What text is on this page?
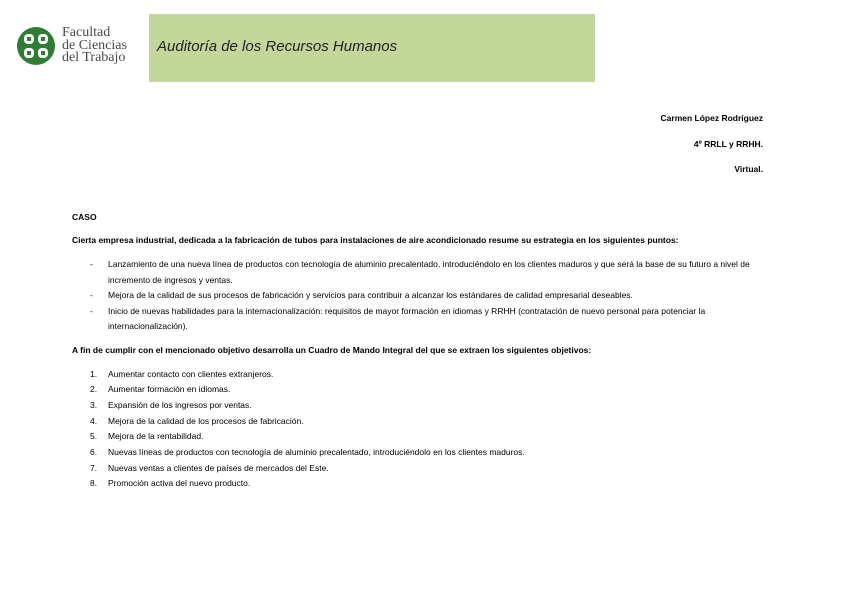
Facultad
de Ciencias
del Trabajo
Auditoría de los Recursos Humanos
Carmen López Rodríguez
4º RRLL y RRHH.
Virtual.

CASO

Cierta empresa industrial, dedicada a la fabricación de tubos para instalaciones de aire acondicionado resume su estrategia en los siguientes puntos:

- Lanzamiento de una nueva línea de productos con tecnología de aluminio precalentado, introduciéndolo en los clientes maduros y que será la base de su futuro a nivel de incremento de ingresos y ventas.
- Mejora de la calidad de sus procesos de fabricación y servicios para contribuir a alcanzar los estándares de calidad empresarial deseables.
- Inicio de nuevas habilidades para la internacionalización: requisitos de mayor formación en idiomas y RRHH (contratación de nuevo personal para potenciar la internacionalización).

A fin de cumplir con el mencionado objetivo desarrolla un Cuadro de Mando Integral del que se extraen los siguientes objetivos:

1. Aumentar contacto con clientes extranjeros.
2. Aumentar formación en idiomas.
3. Expansión de los ingresos por ventas.
4. Mejora de la calidad de los procesos de fabricación.
5. Mejora de la rentabilidad.
6. Nuevas líneas de productos con tecnología de aluminio precalentado, introduciéndolo en los clientes maduros.
7. Nuevas ventas a clientes de países de mercados del Este.
8. Promoción activa del nuevo producto.
